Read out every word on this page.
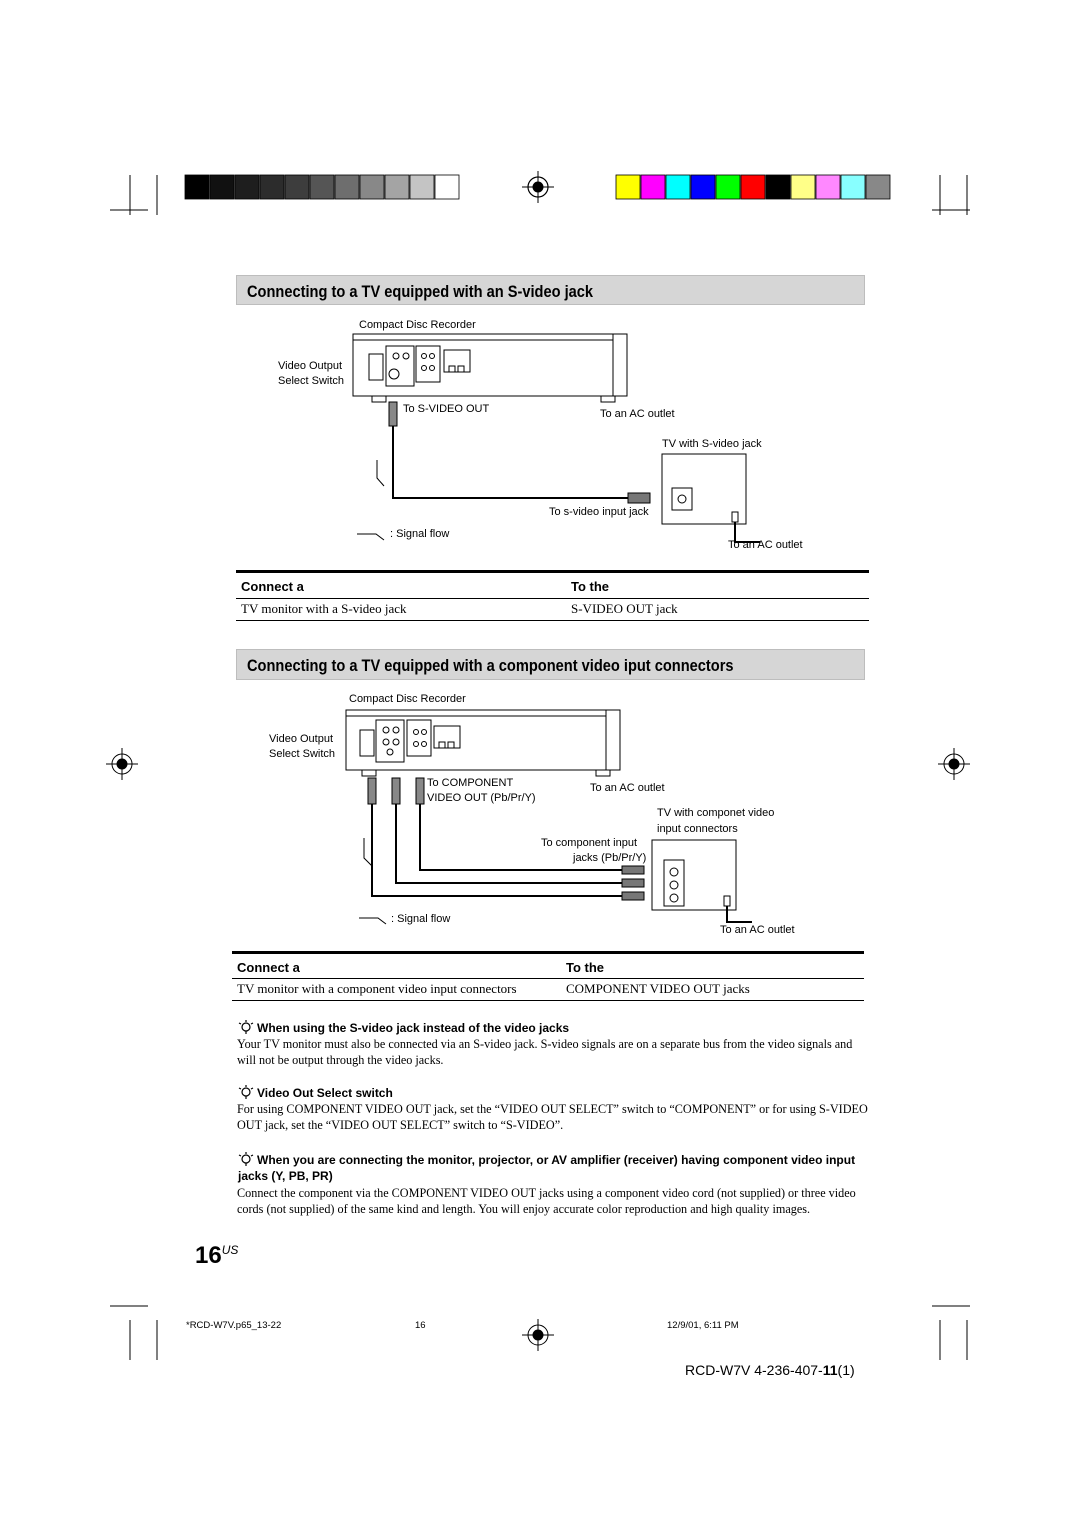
Connecting to a TV equipped with an S-video jack
Compact Disc Recorder
Video Output
Select Switch
To S-VIDEO OUT	To an AC outlet
TV with S-video jack
To s-video input jack
: Signal flow
To an AC outlet
Connect a	To the
TV monitor with a S-video jack	S-VIDEO OUT jack
Connecting to a TV equipped with a component video iput connectors
Compact Disc Recorder
Video Output
Select Switch
To COMPONENT
VIDEO OUT (Pb/Pr/Y)
To an AC outlet
TV with componet video
input connectors
To component input
jacks (Pb/Pr/Y)
: Signal flow
To an AC outlet
Connect a	To the
TV monitor with a component video input connectors	COMPONENT VIDEO OUT jacks
When using the S-video jack instead of the video jacks
Your TV monitor must also be connected via an S-video jack. S-video signals are on a separate bus from the video signals and will not be output through the video jacks.
Video Out Select switch
For using COMPONENT VIDEO OUT jack, set the “VIDEO OUT SELECT” switch to “COMPONENT” or for using S-VIDEO OUT jack, set the “VIDEO OUT SELECT” switch to “S-VIDEO”.
When you are connecting the monitor, projector, or AV amplifier (receiver) having component video input jacks (Y, PB, PR)
Connect the component via the COMPONENT VIDEO OUT jacks using a component video cord (not supplied) or three video cords (not supplied) of the same kind and length. You will enjoy accurate color reproduction and high quality images.
$16^{US}$
*RCD-W7V.p65_13-22	16	12/9/01, 6:11 PM
RCD-W7V 4-236-407-11(1)
